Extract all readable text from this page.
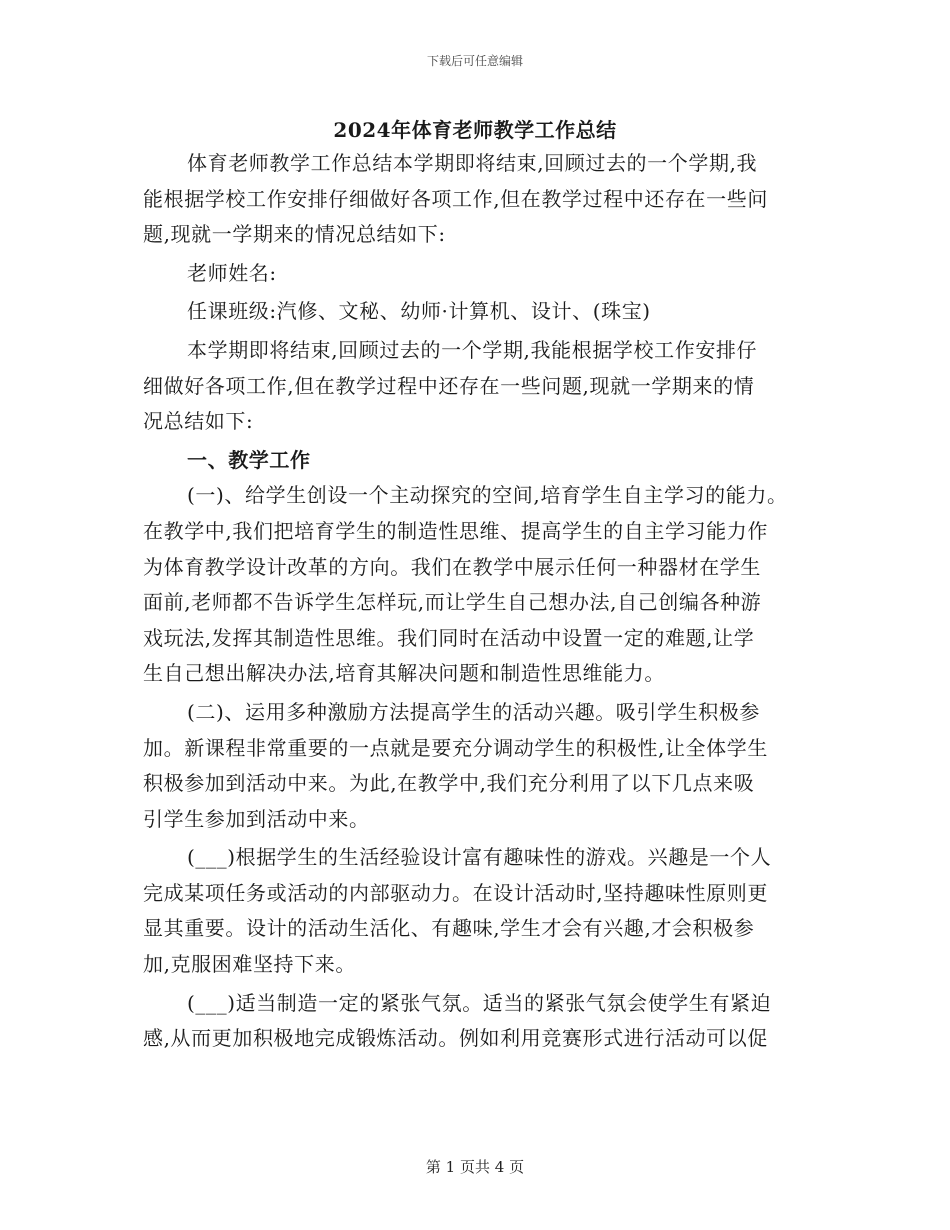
下载后可任意编辑
2024年体育老师教学工作总结
体育老师教学工作总结本学期即将结束,回顾过去的一个学期,我
能根据学校工作安排仔细做好各项工作,但在教学过程中还存在一些问
题,现就一学期来的情况总结如下:
老师姓名:
任课班级:汽修、文秘、幼师·计算机、设计、(珠宝)
本学期即将结束,回顾过去的一个学期,我能根据学校工作安排仔
细做好各项工作,但在教学过程中还存在一些问题,现就一学期来的情
况总结如下:
一、教学工作
(一)、给学生创设一个主动探究的空间,培育学生自主学习的能力。
在教学中,我们把培育学生的制造性思维、提高学生的自主学习能力作
为体育教学设计改革的方向。我们在教学中展示任何一种器材在学生
面前,老师都不告诉学生怎样玩,而让学生自己想办法,自己创编各种游
戏玩法,发挥其制造性思维。我们同时在活动中设置一定的难题,让学
生自己想出解决办法,培育其解决问题和制造性思维能力。
(二)、运用多种激励方法提高学生的活动兴趣。吸引学生积极参
加。新课程非常重要的一点就是要充分调动学生的积极性,让全体学生
积极参加到活动中来。为此,在教学中,我们充分利用了以下几点来吸
引学生参加到活动中来。
(___)根据学生的生活经验设计富有趣味性的游戏。兴趣是一个人
完成某项任务或活动的内部驱动力。在设计活动时,坚持趣味性原则更
显其重要。设计的活动生活化、有趣味,学生才会有兴趣,才会积极参
加,克服困难坚持下来。
(___)适当制造一定的紧张气氛。适当的紧张气氛会使学生有紧迫
感,从而更加积极地完成锻炼活动。例如利用竞赛形式进行活动可以促
第 1 页共 4 页
